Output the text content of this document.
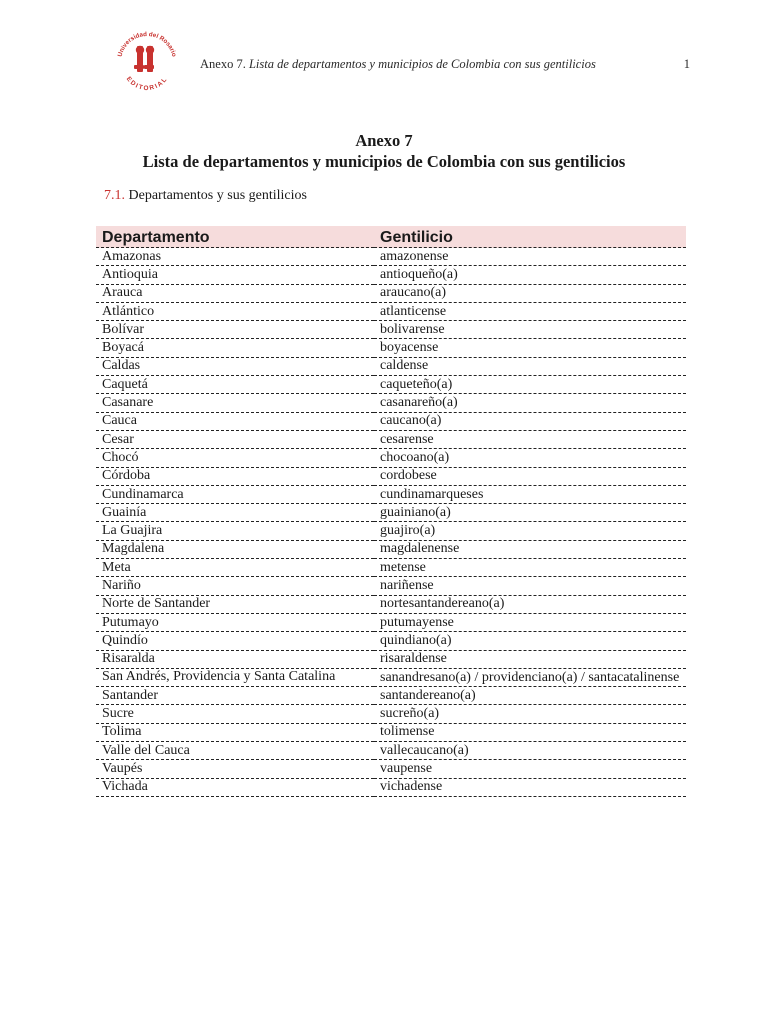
Universidad del Rosario
EDITORIAL
Anexo 7. Lista de departamentos y municipios de Colombia con sus gentilicios	1
Anexo 7
Lista de departamentos y municipios de Colombia con sus gentilicios
7.1. Departamentos y sus gentilicios
Departamento	Gentilicio
Amazonas	amazonense
Antioquia	antioqueño(a)
Arauca	araucano(a)
Atlántico	atlanticense
Bolívar	bolivarense
Boyacá	boyacense
Caldas	caldense
Caquetá	caqueteño(a)
Casanare	casanareño(a)
Cauca	caucano(a)
Cesar	cesarense
Chocó	chocoano(a)
Córdoba	cordobese
Cundinamarca	cundinamarqueses
Guainía	guainiano(a)
La Guajira	guajiro(a)
Magdalena	magdalenense
Meta	metense
Nariño	nariñense
Norte de Santander	nortesantandereano(a)
Putumayo	putumayense
Quindío	quindiano(a)
Risaralda	risaraldense
San Andrés, Providencia y Santa Catalina	sanandresano(a) / providenciano(a) / santacatalinense
Santander	santandereano(a)
Sucre	sucreño(a)
Tolima	tolimense
Valle del Cauca	vallecaucano(a)
Vaupés	vaupense
Vichada	vichadense
